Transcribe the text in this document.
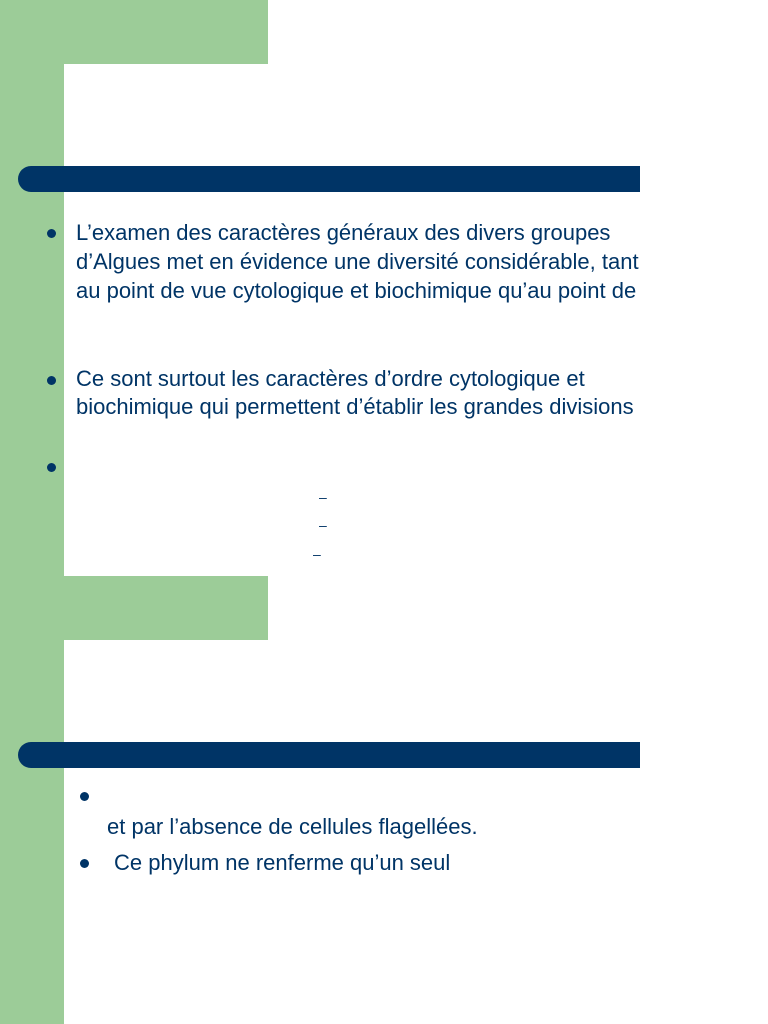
L’examen des caractères généraux des divers groupes
d’Algues met en évidence une diversité considérable, tant
au point de vue cytologique et biochimique qu’au point de
Ce sont surtout les caractères d’ordre cytologique et
biochimique qui permettent d’établir les grandes divisions
–
–
–
et par l’absence de cellules flagellées.
Ce phylum ne renferme qu’un seul
